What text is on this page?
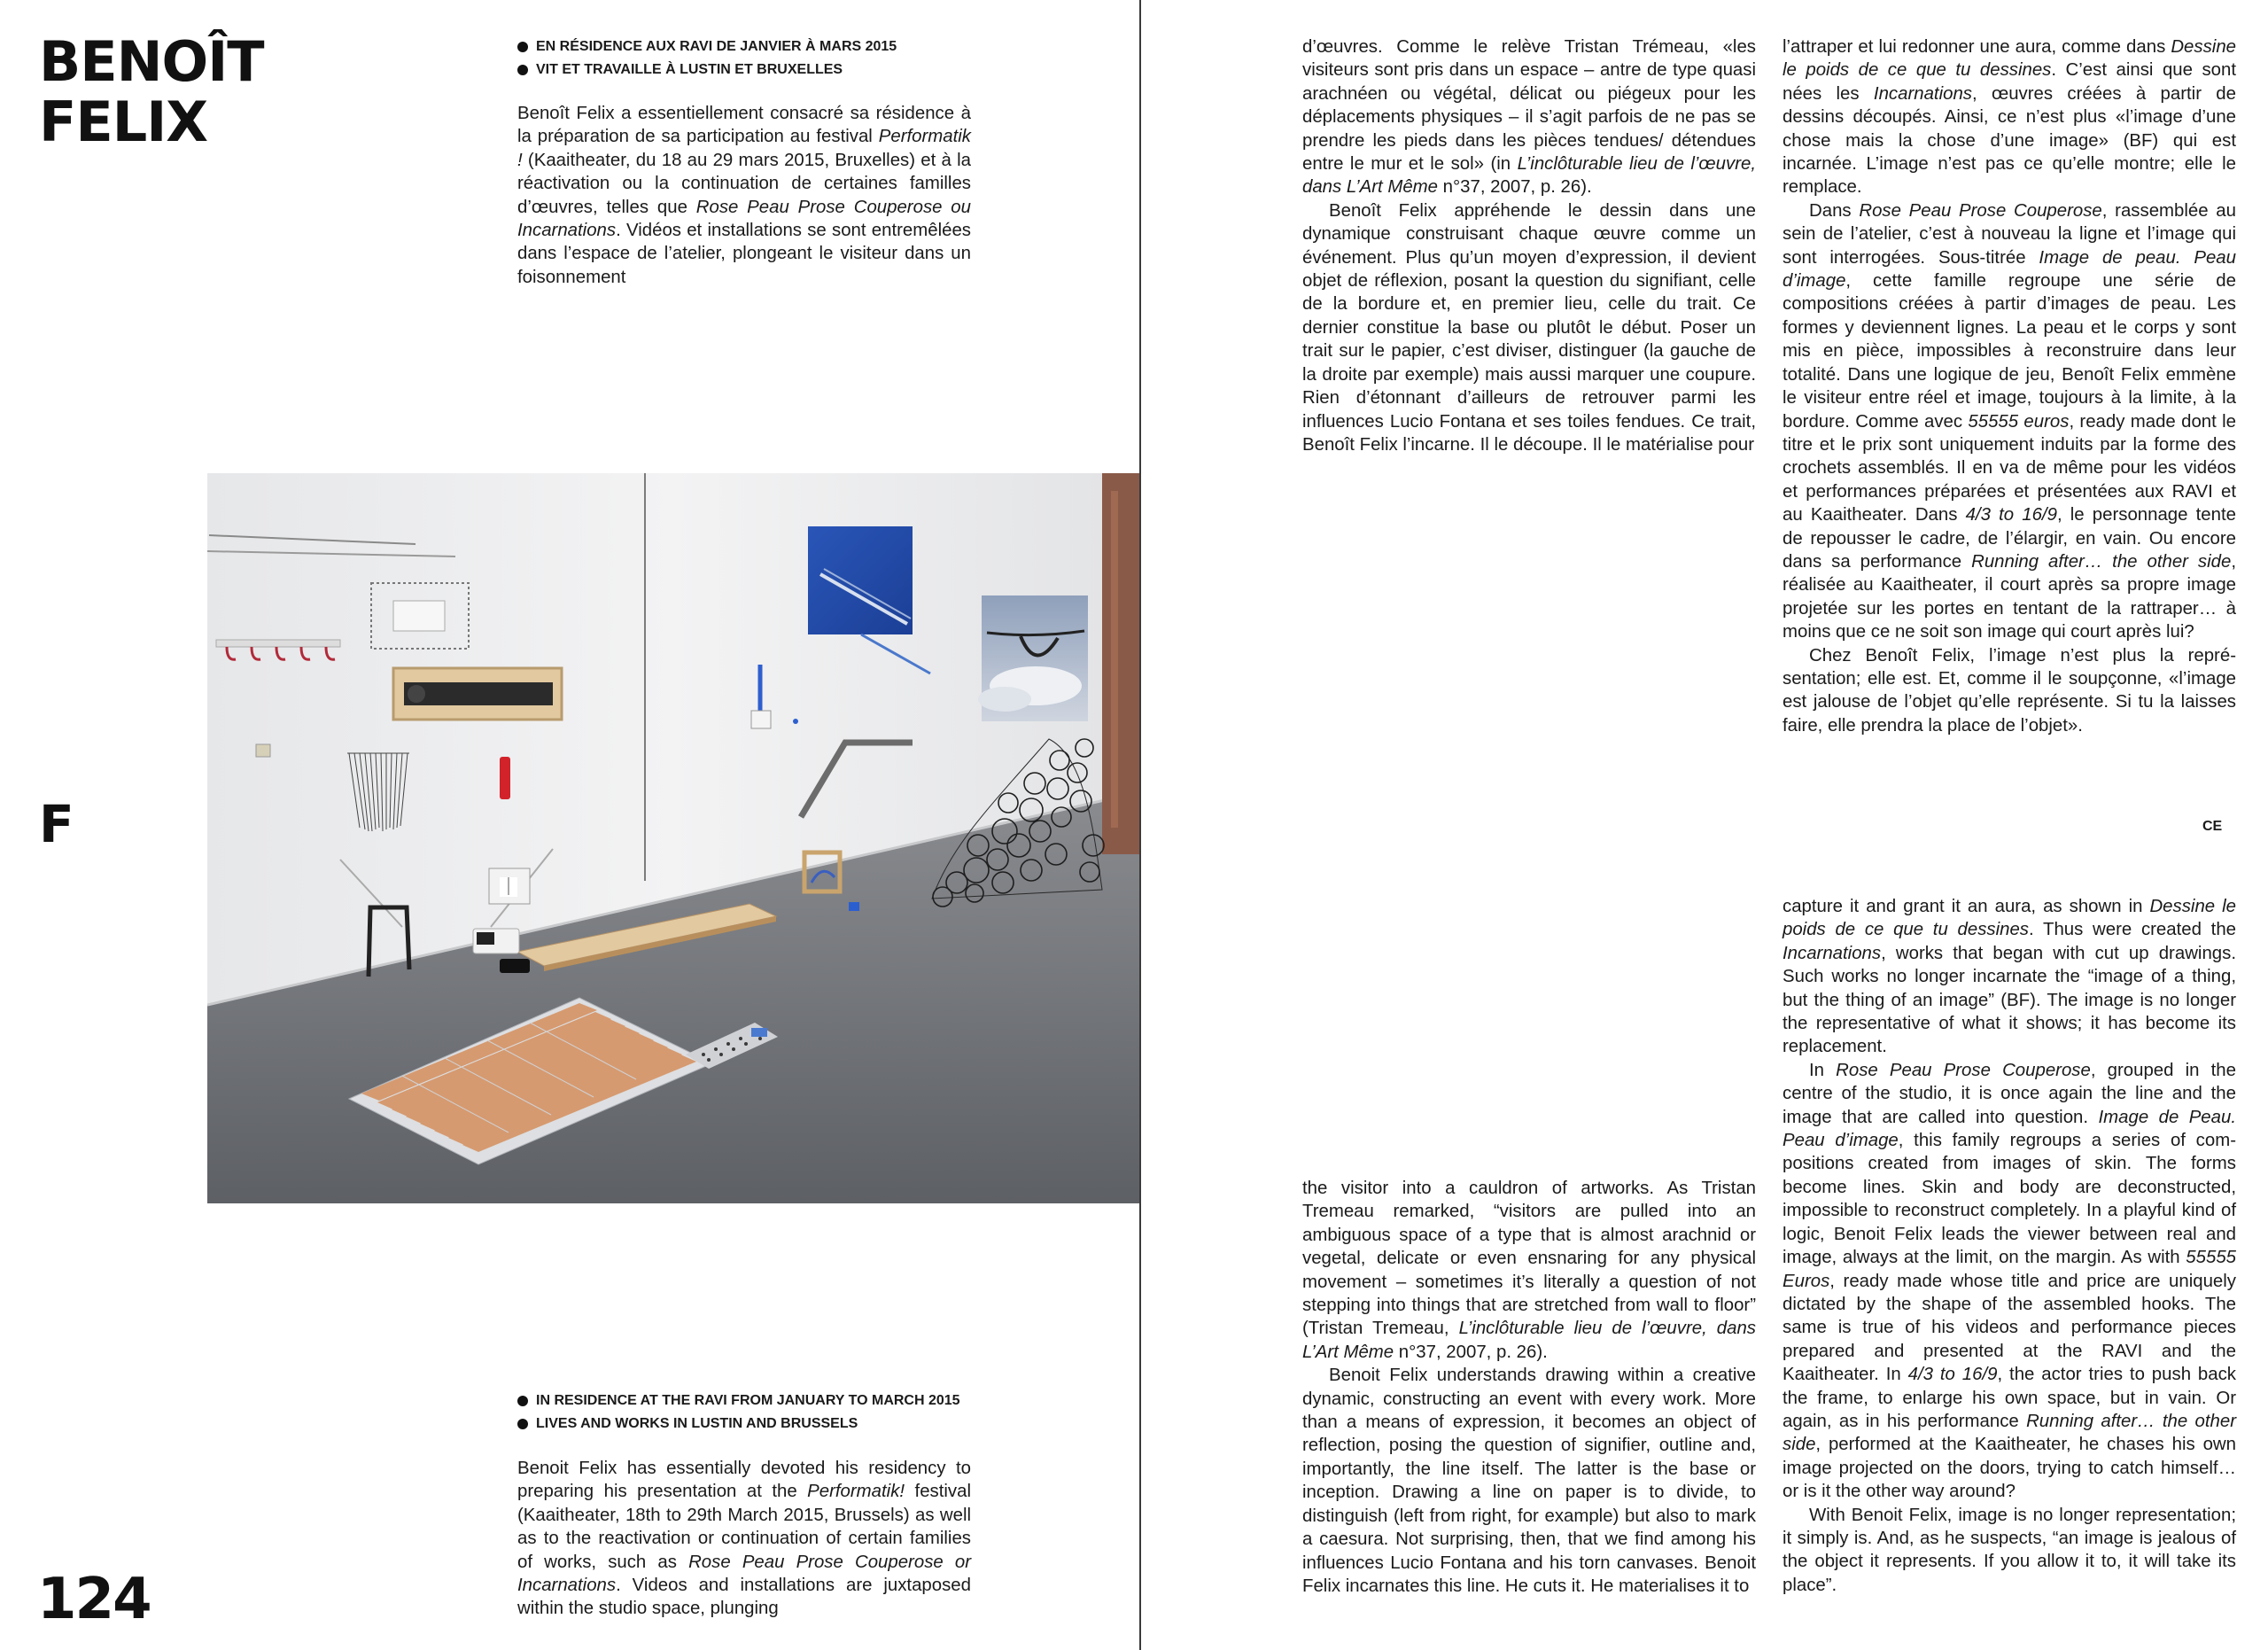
BENOÎT
FELIX
F
124
EN RÉSIDENCE AUX RAVI DE JANVIER À MARS 2015
VIT ET TRAVAILLE À LUSTIN ET BRUXELLES

Benoît Felix a essentiellement consacré sa résidence à la préparation de sa participation au festival Performatik ! (Kaaitheater, du 18 au 29 mars 2015, Bruxelles) et à la réactivation ou la continuation de certaines familles d’œuvres, telles que Rose Peau Prose Couperose ou Incarnations. Vidéos et installations se sont entremêlées dans l’espace de l’atelier, plongeant le visiteur dans un foisonnement

d’œuvres. Comme le relève Tristan Trémeau, «les visiteurs sont pris dans un espace – antre de type quasi arachnéen ou végétal, délicat ou piégeux pour les déplacements physiques – il s’agit parfois de ne pas se prendre les pieds dans les pièces tendues/ détendues entre le mur et le sol» (in L’inclôturable lieu de l’œuvre, dans L’Art Même n°37, 2007, p. 26).

Benoît Felix appréhende le dessin dans une dynamique construisant chaque œuvre comme un événement. Plus qu’un moyen d’expression, il devient objet de réflexion, posant la question du signifiant, celle de la bordure et, en premier lieu, celle du trait. Ce dernier constitue la base ou plutôt le début. Poser un trait sur le papier, c’est diviser, distinguer (la gauche de la droite par exemple) mais aussi marquer une coupure. Rien d’étonnant d’ailleurs de retrouver parmi les influences Lucio Fontana et ses toiles fendues. Ce trait, Benoît Felix l’incarne. Il le découpe. Il le matérialise pour

l’attraper et lui redonner une aura, comme dans Dessine le poids de ce que tu dessines. C’est ainsi que sont nées les Incarnations, œuvres créées à partir de dessins découpés. Ainsi, ce n’est plus «l’image d’une chose mais la chose d’une image» (BF) qui est incarnée. L’image n’est pas ce qu’elle montre; elle le remplace.

Dans Rose Peau Prose Couperose, rassemblée au sein de l’atelier, c’est à nouveau la ligne et l’image qui sont interrogées. Sous-titrée Image de peau. Peau d’image, cette famille regroupe une série de compositions créées à partir d’images de peau. Les formes y deviennent lignes. La peau et le corps y sont mis en pièce, impossibles à reconstruire dans leur totalité. Dans une logique de jeu, Benoît Felix emmène le visiteur entre réel et image, toujours à la limite, à la bordure. Comme avec 55555 euros, ready made dont le titre et le prix sont uniquement induits par la forme des crochets assemblés. Il en va de même pour les vidéos et performances préparées et présentées aux RAVI et au Kaaitheater. Dans 4/3 to 16/9, le personnage tente de repousser le cadre, de l’élargir, en vain. Ou encore dans sa performance Running after… the other side, réalisée au Kaaitheater, il court après sa propre image projetée sur les portes en tentant de la rattraper… à moins que ce ne soit son image qui court après lui?

Chez Benoît Felix, l’image n’est plus la représentation; elle est. Et, comme il le soupçonne, «l’image est jalouse de l’objet qu’elle représente. Si tu la laisses faire, elle prendra la place de l’objet».

CE
IN RESIDENCE AT THE RAVI FROM JANUARY TO MARCH 2015
LIVES AND WORKS IN LUSTIN AND BRUSSELS

Benoit Felix has essentially devoted his residency to preparing his presentation at the Performatik! festival (Kaaitheater, 18th to 29th March 2015, Brussels) as well as to the reactivation or continuation of certain families of works, such as Rose Peau Prose Couperose or Incarnations. Videos and installations are juxtaposed within the studio space, plunging

the visitor into a cauldron of artworks. As Tristan Tremeau remarked, “visitors are pulled into an ambiguous space of a type that is almost arachnid or vegetal, delicate or even ensnaring for any physical movement – sometimes it’s literally a question of not stepping into things that are stretched from wall to floor” (Tristan Tremeau, L’inclôturable lieu de l’œuvre, dans L’Art Même n°37, 2007, p. 26).

Benoit Felix understands drawing within a creative dynamic, constructing an event with every work. More than a means of expression, it becomes an object of reflection, posing the question of signifier, outline and, importantly, the line itself. The latter is the base or inception. Drawing a line on paper is to divide, to distinguish (left from right, for example) but also to mark a caesura. Not surprising, then, that we find among his influences Lucio Fontana and his torn canvases. Benoit Felix incarnates this line. He cuts it. He materialises it to

capture it and grant it an aura, as shown in Dessine le poids de ce que tu dessines. Thus were created the Incarnations, works that began with cut up drawings. Such works no longer incarnate the “image of a thing, but the thing of an image” (BF). The image is no longer the representative of what it shows; it has become its replacement.

In Rose Peau Prose Couperose, grouped in the centre of the studio, it is once again the line and the image that are called into question. Image de Peau. Peau d’image, this family regroups a series of compositions created from images of skin. The forms become lines. Skin and body are deconstructed, impossible to reconstruct completely. In a playful kind of logic, Benoit Felix leads the viewer between real and image, always at the limit, on the margin. As with 55555 Euros, ready made whose title and price are uniquely dictated by the shape of the assembled hooks. The same is true of his videos and performance pieces prepared and presented at the RAVI and the Kaaitheater. In 4/3 to 16/9, the actor tries to push back the frame, to enlarge his own space, but in vain. Or again, as in his performance Running after… the other side, performed at the Kaaitheater, he chases his own image projected on the doors, trying to catch himself… or is it the other way around?

With Benoit Felix, image is no longer representation; it simply is. And, as he suspects, “an image is jealous of the object it represents. If you allow it to, it will take its place”.
